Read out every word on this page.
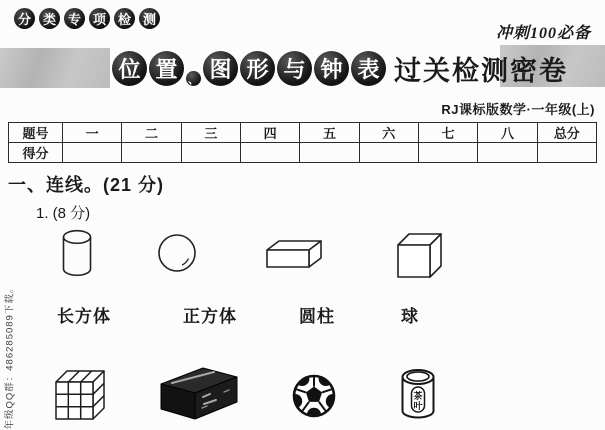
分 类 专 项 检 测
冲刺100必备
位 置 、 图 形 与 钟 表 过关检测密卷
RJ课标版数学·一年级(上)
题号	一	二	三	四	五	六	七	八	总分
得分									
一、连线。(21 分)
1. (8 分)
长方体	正方体	圆柱	球
茶
叶
年级QQ群：486285089下载。
